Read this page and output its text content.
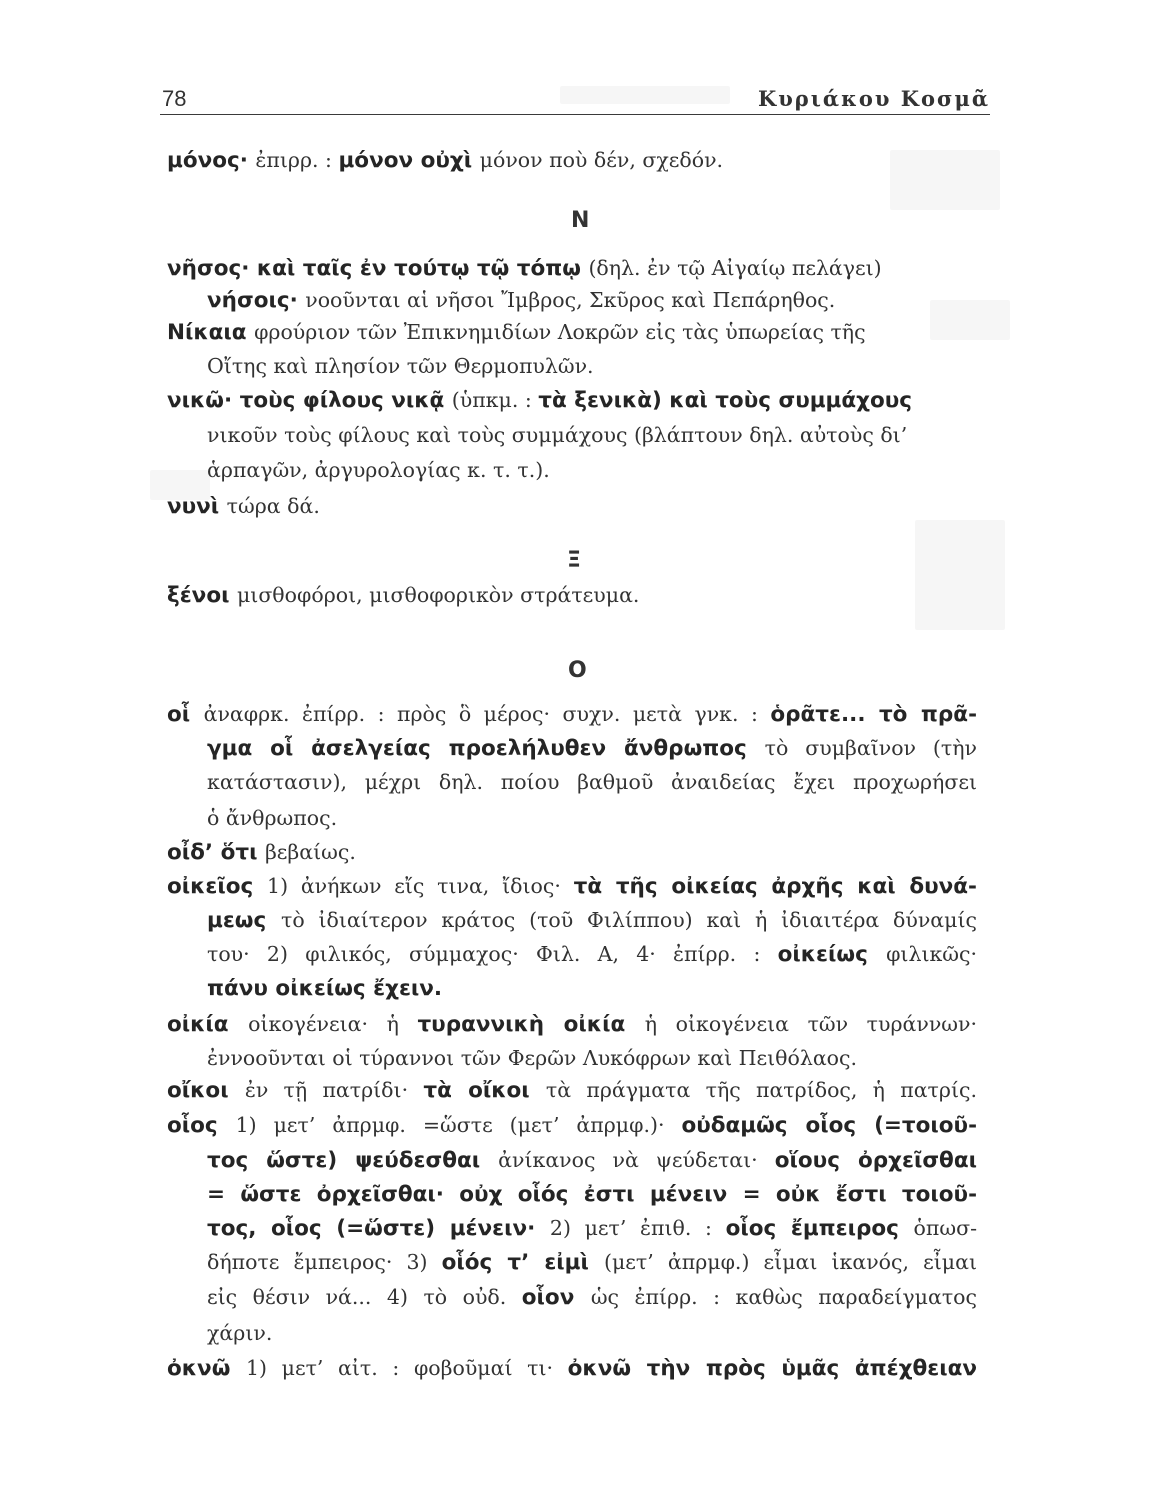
78	Κυριάκου Κοσμᾶ
N
Ξ
O
μόνος· ἐπιρρ. : μόνον οὐχὶ μόνον ποὺ δέν, σχεδόν.
νῆσος· καὶ ταῖς ἐν τούτῳ τῷ τόπῳ (δηλ. ἐν τῷ Αἰγαίῳ πελάγει)
νήσοις· νοοῦνται αἱ νῆσοι Ἴμβρος, Σκῦρος καὶ Πεπάρηθος.
Νίκαια φρούριον τῶν Ἐπικνημιδίων Λοκρῶν εἰς τὰς ὑπωρείας τῆς
Οἴτης καὶ πλησίον τῶν Θερμοπυλῶν.
νικῶ· τοὺς φίλους νικᾷ (ὑπκμ. : τὰ ξενικὰ) καὶ τοὺς συμμάχους
νικοῦν τοὺς φίλους καὶ τοὺς συμμάχους (βλάπτουν δηλ. αὐτοὺς δι’
ἁρπαγῶν, ἀργυρολογίας κ. τ. τ.).
νυνὶ τώρα δά.
ξένοι μισθοφόροι, μισθοφορικὸν στράτευμα.
οἷ ἀναφρκ. ἐπίρρ. : πρὸς ὃ μέρος· συχν. μετὰ γνκ. : ὁρᾶτε... τὸ πρᾶ-
γμα οἷ ἀσελγείας προελήλυθεν ἄνθρωπος τὸ συμβαῖνον (τὴν
κατάστασιν), μέχρι δηλ. ποίου βαθμοῦ ἀναιδείας ἔχει προχωρήσει
ὁ ἄνθρωπος.
οἶδ’ ὅτι βεβαίως.
οἰκεῖος 1) ἀνήκων εἴς τινα, ἴδιος· τὰ τῆς οἰκείας ἀρχῆς καὶ δυνά-
μεως τὸ ἰδιαίτερον κράτος (τοῦ Φιλίππου) καὶ ἡ ἰδιαιτέρα δύναμίς
του· 2) φιλικός, σύμμαχος· Φιλ. Α, 4· ἐπίρρ. : οἰκείως φιλικῶς·
πάνυ οἰκείως ἔχειν.
οἰκία οἰκογένεια· ἡ τυραννικὴ οἰκία ἡ οἰκογένεια τῶν τυράννων·
ἐννοοῦνται οἱ τύραννοι τῶν Φερῶν Λυκόφρων καὶ Πειθόλαος.
οἴκοι ἐν τῇ πατρίδι· τὰ οἴκοι τὰ πράγματα τῆς πατρίδος, ἡ πατρίς.
οἷος 1) μετ’ ἀπρμφ. =ὥστε (μετ’ ἀπρμφ.)· οὐδαμῶς οἷος (=τοιοῦ-
τος ὥστε) ψεύδεσθαι ἀνίκανος νὰ ψεύδεται· οἵους ὀρχεῖσθαι
= ὥστε ὀρχεῖσθαι· οὐχ οἷός ἐστι μένειν = οὐκ ἔστι τοιοῦ-
τος, οἷος (=ὥστε) μένειν· 2) μετ’ ἐπιθ. : οἷος ἔμπειρος ὁπωσ-
δήποτε ἔμπειρος· 3) οἷός τ’ εἰμὶ (μετ’ ἀπρμφ.) εἶμαι ἱκανός, εἶμαι
εἰς θέσιν νά... 4) τὸ οὐδ. οἷον ὡς ἐπίρρ. : καθὼς παραδείγματος
χάριν.
ὀκνῶ 1) μετ’ αἰτ. : φοβοῦμαί τι· ὀκνῶ τὴν πρὸς ὑμᾶς ἀπέχθειαν
